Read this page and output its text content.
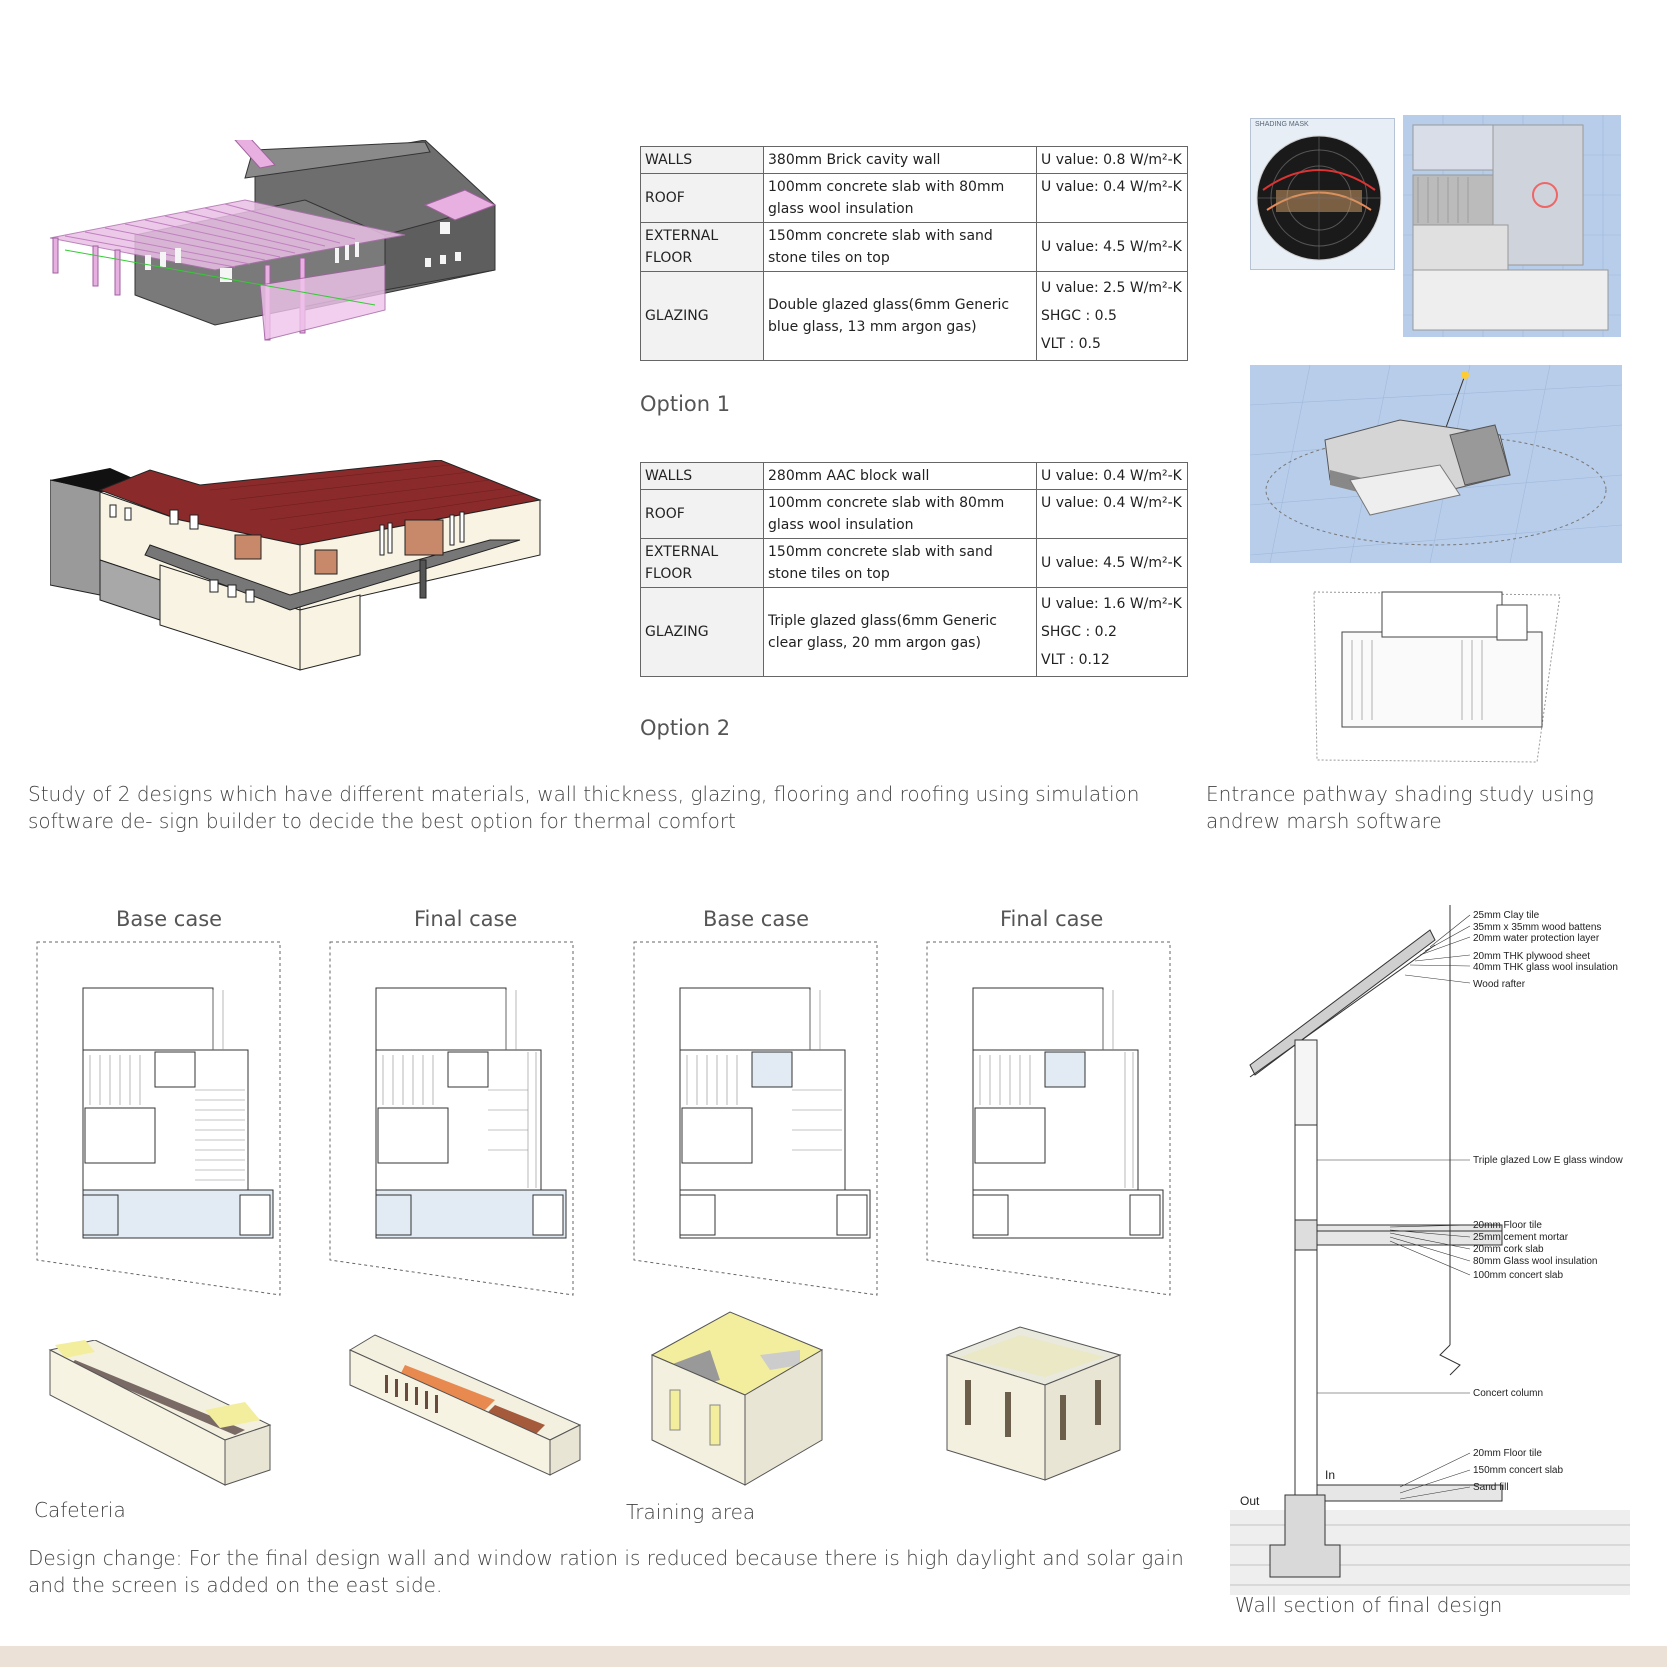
WALLS	380mm Brick cavity wall	U value: 0.8 W/m²-K

ROOF	100mm concrete slab with 80mm glass wool insulation	U value: 0.4 W/m²-K

EXTERNAL FLOOR	150mm concrete slab with sand stone tiles on top	U value: 4.5 W/m²-K

GLAZING	Double glazed glass(6mm Generic blue glass, 13 mm argon gas)	U value: 2.5 W/m²-K
SHGC : 0.5
VLT : 0.5
Option 1
WALLS	280mm AAC block wall	U value: 0.4 W/m²-K

ROOF	100mm concrete slab with 80mm glass wool insulation	U value: 0.4 W/m²-K

EXTERNAL FLOOR	150mm concrete slab with sand stone tiles on top	U value: 4.5 W/m²-K

GLAZING	Triple glazed glass(6mm Generic clear glass, 20 mm argon gas)	U value: 1.6 W/m²-K
SHGC : 0.2
VLT : 0.12
Option 2
SHADING MASK
Study of 2 designs which have different materials, wall thickness, glazing, flooring and roofing using simulation software de- sign builder to decide the best option for thermal comfort
Entrance pathway shading study using andrew marsh software
Base case	Final case	Base case	Final case
Cafeteria	Training area
Design change: For the final design wall and window ration is reduced because there is high daylight and solar gain and the screen is added on the east side.
25mm Clay tile
35mm x 35mm wood battens
20mm water protection layer
20mm THK plywood sheet
40mm THK glass wool insulation
Wood rafter
Triple glazed Low E glass window
20mm Floor tile
25mm cement mortar
20mm cork slab
80mm Glass wool insulation
100mm concert slab
Concert column
20mm Floor tile
150mm concert slab
Sand fill
In
Out
Wall section of final design
